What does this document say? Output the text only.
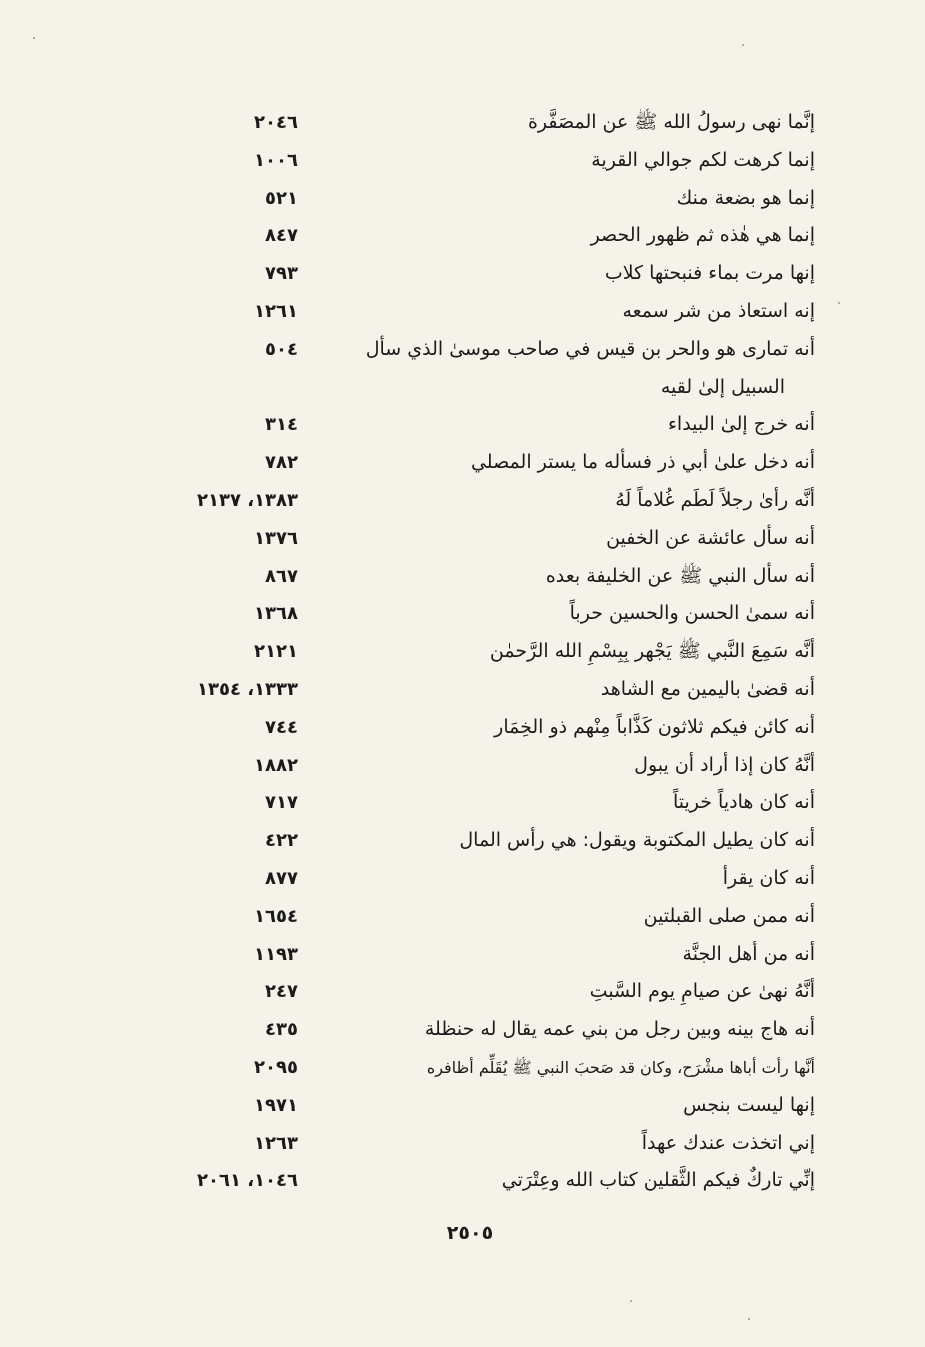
إنَّما نهى رسولُ الله ﷺ عن المصَفَّرة
٢٠٤٦
إنما كرهت لكم جوالي القرية
١٠٠٦
إنما هو بضعة منك
٥٢١
إنما هي هٰذه ثم ظهور الحصر
٨٤٧
إنها مرت بماء فنبحتها كلاب
٧٩٣
إنه استعاذ من شر سمعه
١٢٦١
أنه تمارى هو والحر بن قيس في صاحب موسىٰ الذي سأل
٥٠٤
السبيل إلىٰ لقيه
أنه خرج إلىٰ البيداء
٣١٤
أنه دخل علىٰ أبي ذر فسأله ما يستر المصلي
٧٨٢
أنَّه رأىٰ رجلاً لَطَم غُلاماً لَهُ
١٣٨٣، ٢١٣٧
أنه سأل عائشة عن الخفين
١٣٧٦
أنه سأل النبي ﷺ عن الخليفة بعده
٨٦٧
أنه سمىٰ الحسن والحسين حرباً
١٣٦٨
أنَّه سَمِعَ النَّبي ﷺ يَجْهر بِبِسْمِ الله الرَّحمٰن
٢١٢١
أنه قضىٰ باليمين مع الشاهد
١٣٣٣، ١٣٥٤
أنه كائن فيكم ثلاثون كَذَّاباً مِنْهم ذو الخِمَار
٧٤٤
أنَّهُ كان إذا أراد أن يبول
١٨٨٢
أنه كان هادياً خريتاً
٧١٧
أنه كان يطيل المكتوبة ويقول: هي رأس المال
٤٢٢
أنه كان يقرأ
٨٧٧
أنه ممن صلى القبلتين
١٦٥٤
أنه من أهل الجنَّة
١١٩٣
أنَّهُ نهىٰ عن صيامِ يوم السَّبتِ
٢٤٧
أنه هاج بينه وبين رجل من بني عمه يقال له حنظلة
٤٣٥
أنَّها رأت أباها مشْرَح، وكان قد صَحبَ النبي ﷺ يُقَلِّم أظافره
٢٠٩٥
إنها ليست بنجس
١٩٧١
إني اتخذت عندك عهداً
١٢٦٣
إنِّي تاركٌ فيكم الثَّقلين كتاب الله وعِتْرَتي
١٠٤٦، ٢٠٦١
٢٥٠٥
